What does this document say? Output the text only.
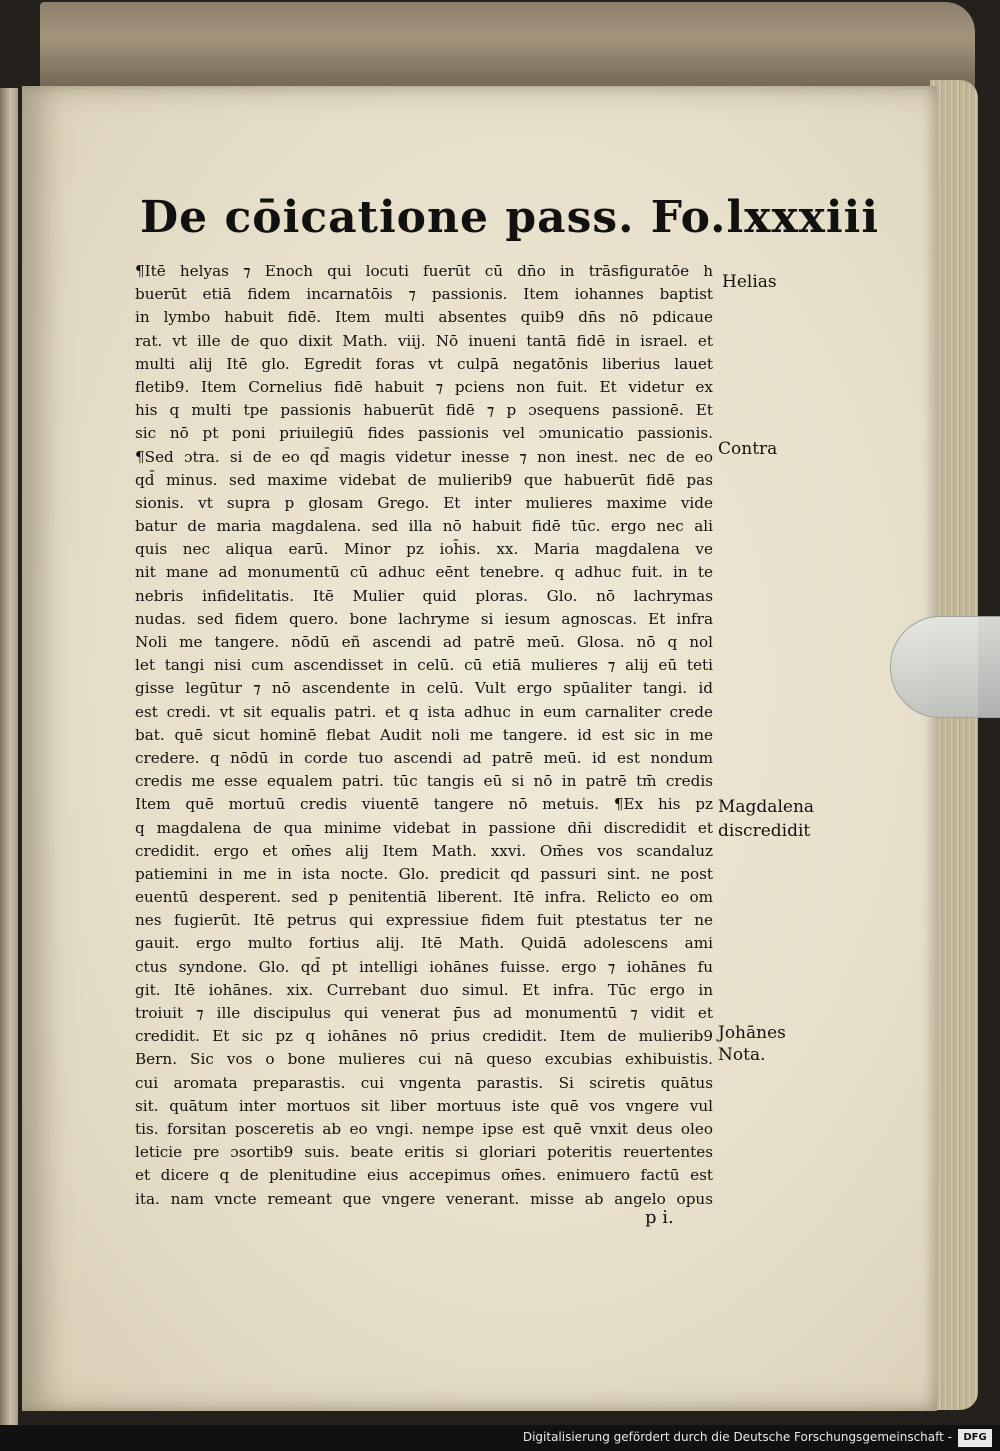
De cōicatione pass. Fo.lxxxiii
¶Itē helyas ⁊ Enoch qui locuti fuerūt cū dn̄o in trāsfiguratōe h
buerūt etiā fidem incarnatōis ⁊ passionis. Item iohannes baptist
in lymbo habuit fidē. Item multi absentes quib9 dn̄s nō pdicaue
rat. vt ille de quo dixit Math. viij. Nō inueni tantā fidē in israel. et
multi alij Itē glo. Egredit foras vt culpā negatōnis liberius lauet
fletib9. Item Cornelius fidē habuit ⁊ pciens non fuit. Et videtur ex
his q multi tpe passionis habuerūt fidē ⁊ p ɔsequens passionē. Et
sic nō pt poni priuilegiū fides passionis vel ɔmunicatio passionis.
¶Sed ɔtra. si de eo qd̄ magis videtur inesse ⁊ non inest. nec de eo
qd̄ minus. sed maxime videbat de mulierib9 que habuerūt fidē pas
sionis. vt supra p glosam Grego. Et inter mulieres maxime vide
batur de maria magdalena. sed illa nō habuit fidē tūc. ergo nec ali
quis nec aliqua earū. Minor pz ioh̄is. xx. Maria magdalena ve
nit mane ad monumentū cū adhuc eēnt tenebre. q adhuc fuit. in te
nebris infidelitatis. Itē Mulier quid ploras. Glo. nō lachrymas
nudas. sed fidem quero. bone lachryme si iesum agnoscas. Et infra
Noli me tangere. nōdū eñ ascendi ad patrē meū. Glosa. nō q nol
let tangi nisi cum ascendisset in celū. cū etiā mulieres ⁊ alij eū teti
gisse legūtur ⁊ nō ascendente in celū. Vult ergo spūaliter tangi. id
est credi. vt sit equalis patri. et q ista adhuc in eum carnaliter crede
bat. quē sicut hominē flebat Audit noli me tangere. id est sic in me
credere. q nōdū in corde tuo ascendi ad patrē meū. id est nondum
credis me esse equalem patri. tūc tangis eū si nō in patrē tm̄ credis
Item quē mortuū credis viuentē tangere nō metuis. ¶Ex his pz
q magdalena de qua minime videbat in passione dn̄i discredidit et
credidit. ergo et om̄es alij Item Math. xxvi. Om̄es vos scandaluz
patiemini in me in ista nocte. Glo. predicit qd passuri sint. ne post
euentū desperent. sed p penitentiā liberent. Itē infra. Relicto eo om
nes fugierūt. Itē petrus qui expressiue fidem fuit ptestatus ter ne
gauit. ergo multo fortius alij. Itē Math. Quidā adolescens ami
ctus syndone. Glo. qd̄ pt intelligi iohānes fuisse. ergo ⁊ iohānes fu
git. Itē iohānes. xix. Currebant duo simul. Et infra. Tūc ergo in
troiuit ⁊ ille discipulus qui venerat p̄us ad monumentū ⁊ vidit et
credidit. Et sic pz q iohānes nō prius credidit. Item de mulierib9
Bern. Sic vos o bone mulieres cui nā queso excubias exhibuistis.
cui aromata preparastis. cui vngenta parastis. Si sciretis quātus
sit. quātum inter mortuos sit liber mortuus iste quē vos vngere vul
tis. forsitan posceretis ab eo vngi. nempe ipse est quē vnxit deus oleo
leticie pre ɔsortib9 suis. beate eritis si gloriari poteritis reuertentes
et dicere q de plenitudine eius accepimus om̄es. enimuero factū est
ita. nam vncte remeant que vngere venerant. misse ab angelo opus

Helias

Contra

Magdalena

discredidit

Johānes

Nota.

p i.

Digitalisierung gefördert durch die Deutsche Forschungsgemeinschaft -	DFG
